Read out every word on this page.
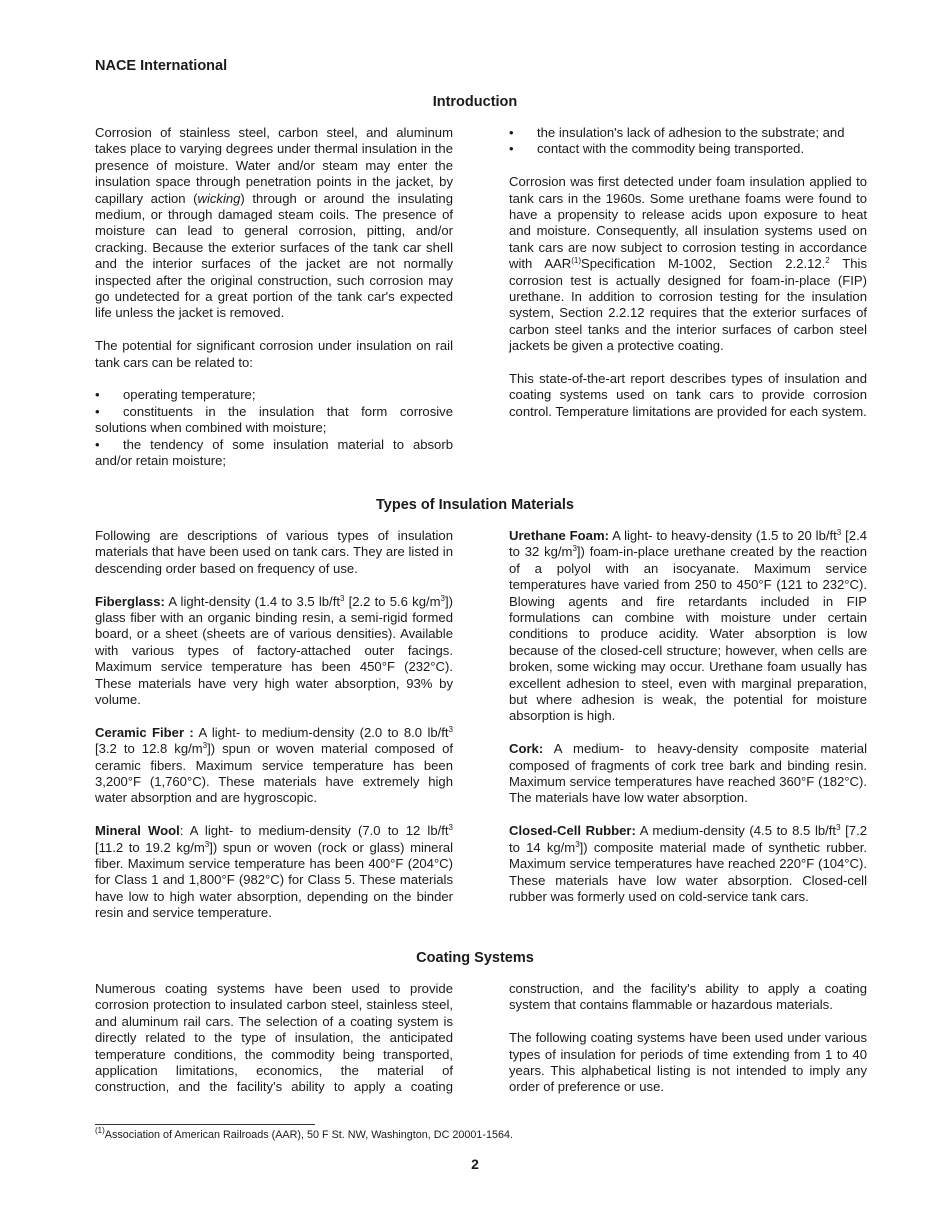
NACE International
Introduction

Corrosion of stainless steel, carbon steel, and aluminum takes place to varying degrees under thermal insulation in the presence of moisture. Water and/or steam may enter the insulation space through penetration points in the jacket, by capillary action (wicking) through or around the insulating medium, or through damaged steam coils. The presence of moisture can lead to general corrosion, pitting, and/or cracking. Because the exterior surfaces of the tank car shell and the interior surfaces of the jacket are not normally inspected after the original construction, such corrosion may go undetected for a great portion of the tank car's expected life unless the jacket is removed.

The potential for significant corrosion under insulation on rail tank cars can be related to:

• operating temperature;
• constituents in the insulation that form corrosive solutions when combined with moisture;
• the tendency of some insulation material to absorb and/or retain moisture;
• the insulation's lack of adhesion to the substrate; and
• contact with the commodity being transported.

Corrosion was first detected under foam insulation applied to tank cars in the 1960s. Some urethane foams were found to have a propensity to release acids upon exposure to heat and moisture. Consequently, all insulation systems used on tank cars are now subject to corrosion testing in accordance with AAR$^{(1)}$Specification M-1002, Section 2.2.12.$^2$ This corrosion test is actually designed for foam-in-place (FIP) urethane. In addition to corrosion testing for the insulation system, Section 2.2.12 requires that the exterior surfaces of carbon steel tanks and the interior surfaces of carbon steel jackets be given a protective coating.

This state-of-the-art report describes types of insulation and coating systems used on tank cars to provide corrosion control. Temperature limitations are provided for each system.

Types of Insulation Materials

Following are descriptions of various types of insulation materials that have been used on tank cars. They are listed in descending order based on frequency of use.

Fiberglass: A light-density (1.4 to 3.5 $lb/ft^3$ [2.2 to 5.6 $kg/m^3$]) glass fiber with an organic binding resin, a semi-rigid formed board, or a sheet (sheets are of various densities). Available with various types of factory-attached outer facings. Maximum service temperature has been 450°F (232°C). These materials have very high water absorption, 93% by volume.

Ceramic Fiber : A light- to medium-density (2.0 to 8.0 $lb/ft^3$ [3.2 to 12.8 $kg/m^3$]) spun or woven material composed of ceramic fibers. Maximum service temperature has been 3,200°F (1,760°C). These materials have extremely high water absorption and are hygroscopic.

Mineral Wool: A light- to medium-density (7.0 to 12 $lb/ft^3$ [11.2 to 19.2 $kg/m^3$]) spun or woven (rock or glass) mineral fiber. Maximum service temperature has been 400°F (204°C) for Class 1 and 1,800°F (982°C) for Class 5. These materials have low to high water absorption, depending on the binder resin and service temperature.

Urethane Foam: A light- to heavy-density (1.5 to 20 $lb/ft^3$ [2.4 to 32 $kg/m^3$]) foam-in-place urethane created by the reaction of a polyol with an isocyanate. Maximum service temperatures have varied from 250 to 450°F (121 to 232°C). Blowing agents and fire retardants included in FIP formulations can combine with moisture under certain conditions to produce acidity. Water absorption is low because of the closed-cell structure; however, when cells are broken, some wicking may occur. Urethane foam usually has excellent adhesion to steel, even with marginal preparation, but where adhesion is weak, the potential for moisture absorption is high.

Cork: A medium- to heavy-density composite material composed of fragments of cork tree bark and binding resin. Maximum service temperatures have reached 360°F (182°C). The materials have low water absorption.

Closed-Cell Rubber: A medium-density (4.5 to 8.5 $lb/ft^3$ [7.2 to 14 $kg/m^3$]) composite material made of synthetic rubber. Maximum service temperatures have reached 220°F (104°C). These materials have low water absorption. Closed-cell rubber was formerly used on cold-service tank cars.

Coating Systems

Numerous coating systems have been used to provide corrosion protection to insulated carbon steel, stainless steel, and aluminum rail cars. The selection of a coating system is directly related to the type of insulation, the anticipated temperature conditions, the commodity being transported, application limitations, economics, the material of construction, and the facility's ability to apply a coating

construction, and the facility's ability to apply a coating system that contains flammable or hazardous materials.

The following coating systems have been used under various types of insulation for periods of time extending from 1 to 40 years. This alphabetical listing is not intended to imply any order of preference or use.

$^{(1)}$Association of American Railroads (AAR), 50 F St. NW, Washington, DC 20001-1564.
2
